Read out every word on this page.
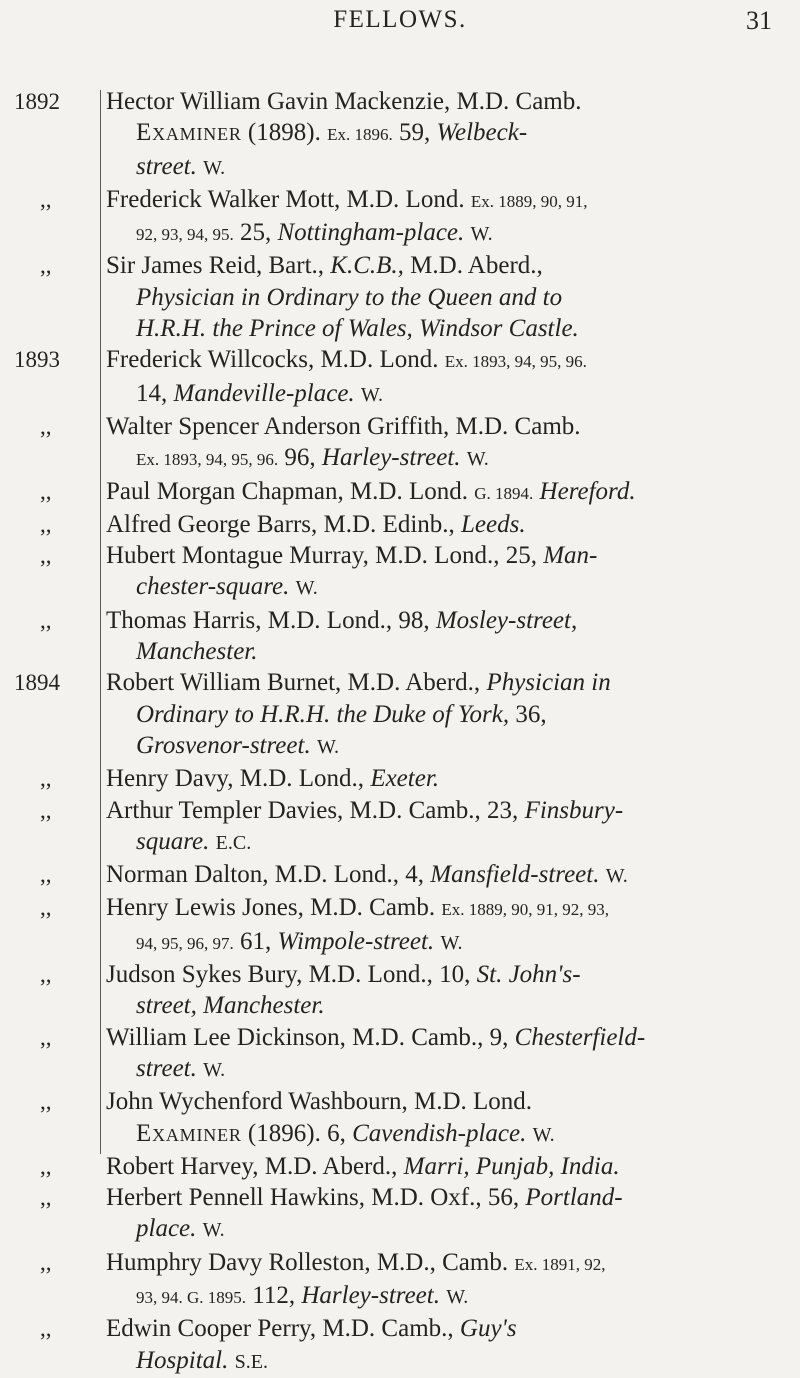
FELLOWS.	31
1892	Hector William Gavin Mackenzie, M.D. Camb.
Examiner (1898). Ex. 1896. 59, Welbeck-
street. W.
,,	Frederick Walker Mott, M.D. Lond. Ex. 1889, 90, 91,
92, 93, 94, 95. 25, Nottingham-place. W.
,,	Sir James Reid, Bart., K.C.B., M.D. Aberd.,
Physician in Ordinary to the Queen and to
H.R.H. the Prince of Wales, Windsor Castle.
1893	Frederick Willcocks, M.D. Lond. Ex. 1893, 94, 95, 96.
14, Mandeville-place. W.
,,	Walter Spencer Anderson Griffith, M.D. Camb.
Ex. 1893, 94, 95, 96. 96, Harley-street. W.
,,	Paul Morgan Chapman, M.D. Lond. G. 1894. Hereford.
,,	Alfred George Barrs, M.D. Edinb., Leeds.
,,	Hubert Montague Murray, M.D. Lond., 25, Man-
chester-square. W.
,,	Thomas Harris, M.D. Lond., 98, Mosley-street,
Manchester.
1894	Robert William Burnet, M.D. Aberd., Physician in
Ordinary to H.R.H. the Duke of York, 36,
Grosvenor-street. W.
,,	Henry Davy, M.D. Lond., Exeter.
,,	Arthur Templer Davies, M.D. Camb., 23, Finsbury-
square. E.C.
,,	Norman Dalton, M.D. Lond., 4, Mansfield-street. W.
,,	Henry Lewis Jones, M.D. Camb. Ex. 1889, 90, 91, 92, 93,
94, 95, 96, 97. 61, Wimpole-street. W.
,,	Judson Sykes Bury, M.D. Lond., 10, St. John's-
street, Manchester.
,,	William Lee Dickinson, M.D. Camb., 9, Chesterfield-
street. W.
,,	John Wychenford Washbourn, M.D. Lond.
Examiner (1896). 6, Cavendish-place. W.
,,	Robert Harvey, M.D. Aberd., Marri, Punjab, India.
,,	Herbert Pennell Hawkins, M.D. Oxf., 56, Portland-
place. W.
,,	Humphry Davy Rolleston, M.D., Camb. Ex. 1891, 92,
93, 94. G. 1895. 112, Harley-street. W.
,,	Edwin Cooper Perry, M.D. Camb., Guy's
Hospital. S.E.
